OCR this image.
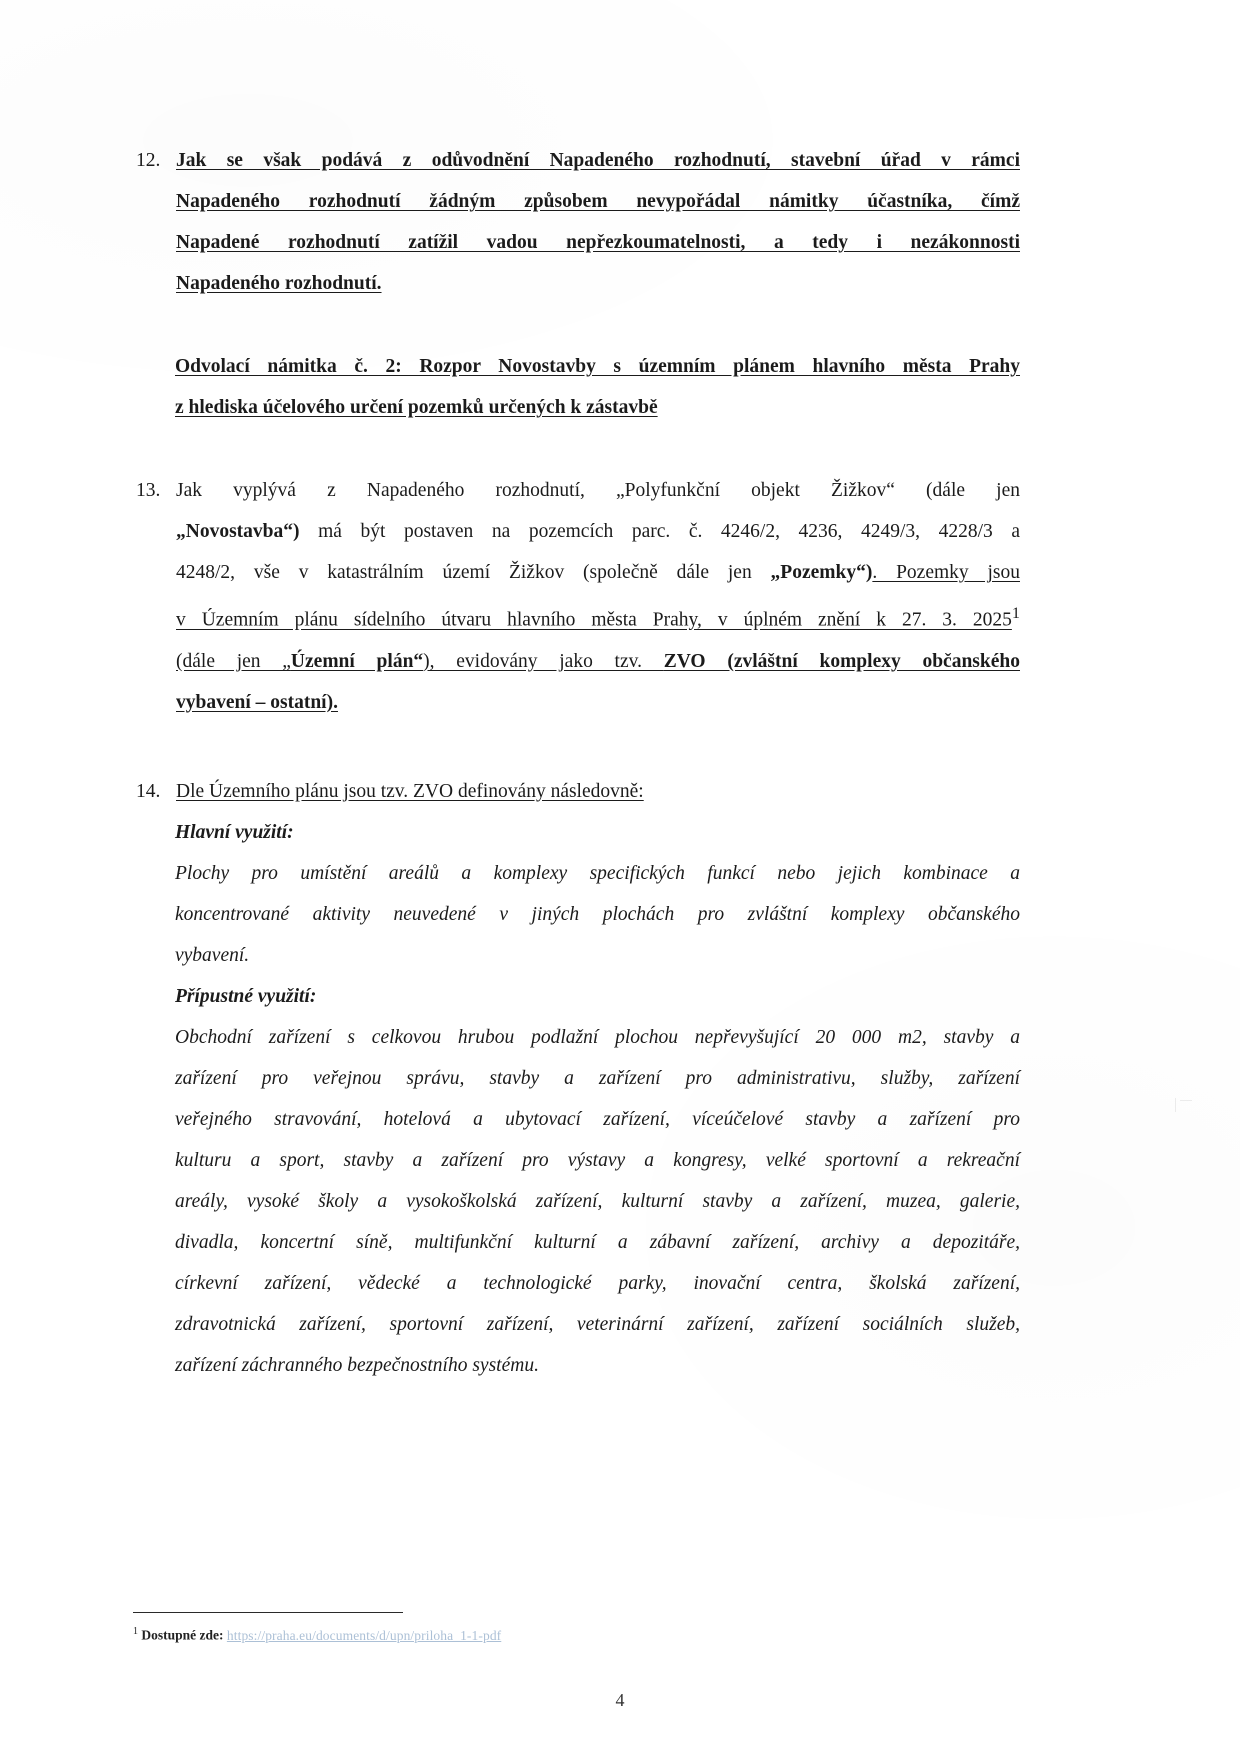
12. Jak se však podává z odůvodnění Napadeného rozhodnutí, stavební úřad v rámci
Napadeného rozhodnutí žádným způsobem nevypořádal námitky účastníka, čímž
Napadené rozhodnutí zatížil vadou nepřezkoumatelnosti, a tedy i nezákonnosti
Napadeného rozhodnutí.
Odvolací námitka č. 2: Rozpor Novostavby s územním plánem hlavního města Prahy
z hlediska účelového určení pozemků určených k zástavbě
13. Jak vyplývá z Napadeného rozhodnutí, „Polyfunkční objekt Žižkov“ (dále jen
„Novostavba“) má být postaven na pozemcích parc. č. 4246/2, 4236, 4249/3, 4228/3 a
4248/2, vše v katastrálním území Žižkov (společně dále jen „Pozemky“). Pozemky jsou
v Územním plánu sídelního útvaru hlavního města Prahy, v úplném znění k 27. 3. 2025$^1$
(dále jen „Územní plán“), evidovány jako tzv. ZVO (zvláštní komplexy občanského
vybavení – ostatní).
14. Dle Územního plánu jsou tzv. ZVO definovány následovně:
Hlavní využití:
Plochy pro umístění areálů a komplexy specifických funkcí nebo jejich kombinace a
koncentrované aktivity neuvedené v jiných plochách pro zvláštní komplexy občanského
vybavení.
Přípustné využití:
Obchodní zařízení s celkovou hrubou podlažní plochou nepřevyšující 20 000 m2, stavby a
zařízení pro veřejnou správu, stavby a zařízení pro administrativu, služby, zařízení
veřejného stravování, hotelová a ubytovací zařízení, víceúčelové stavby a zařízení pro
kulturu a sport, stavby a zařízení pro výstavy a kongresy, velké sportovní a rekreační
areály, vysoké školy a vysokoškolská zařízení, kulturní stavby a zařízení, muzea, galerie,
divadla, koncertní síně, multifunkční kulturní a zábavní zařízení, archivy a depozitáře,
církevní zařízení, vědecké a technologické parky, inovační centra, školská zařízení,
zdravotnická zařízení, sportovní zařízení, veterinární zařízení, zařízení sociálních služeb,
zařízení záchranného bezpečnostního systému.
$^1$ Dostupné zde: https://praha.eu/documents/d/upn/priloha_1-1-pdf
4
